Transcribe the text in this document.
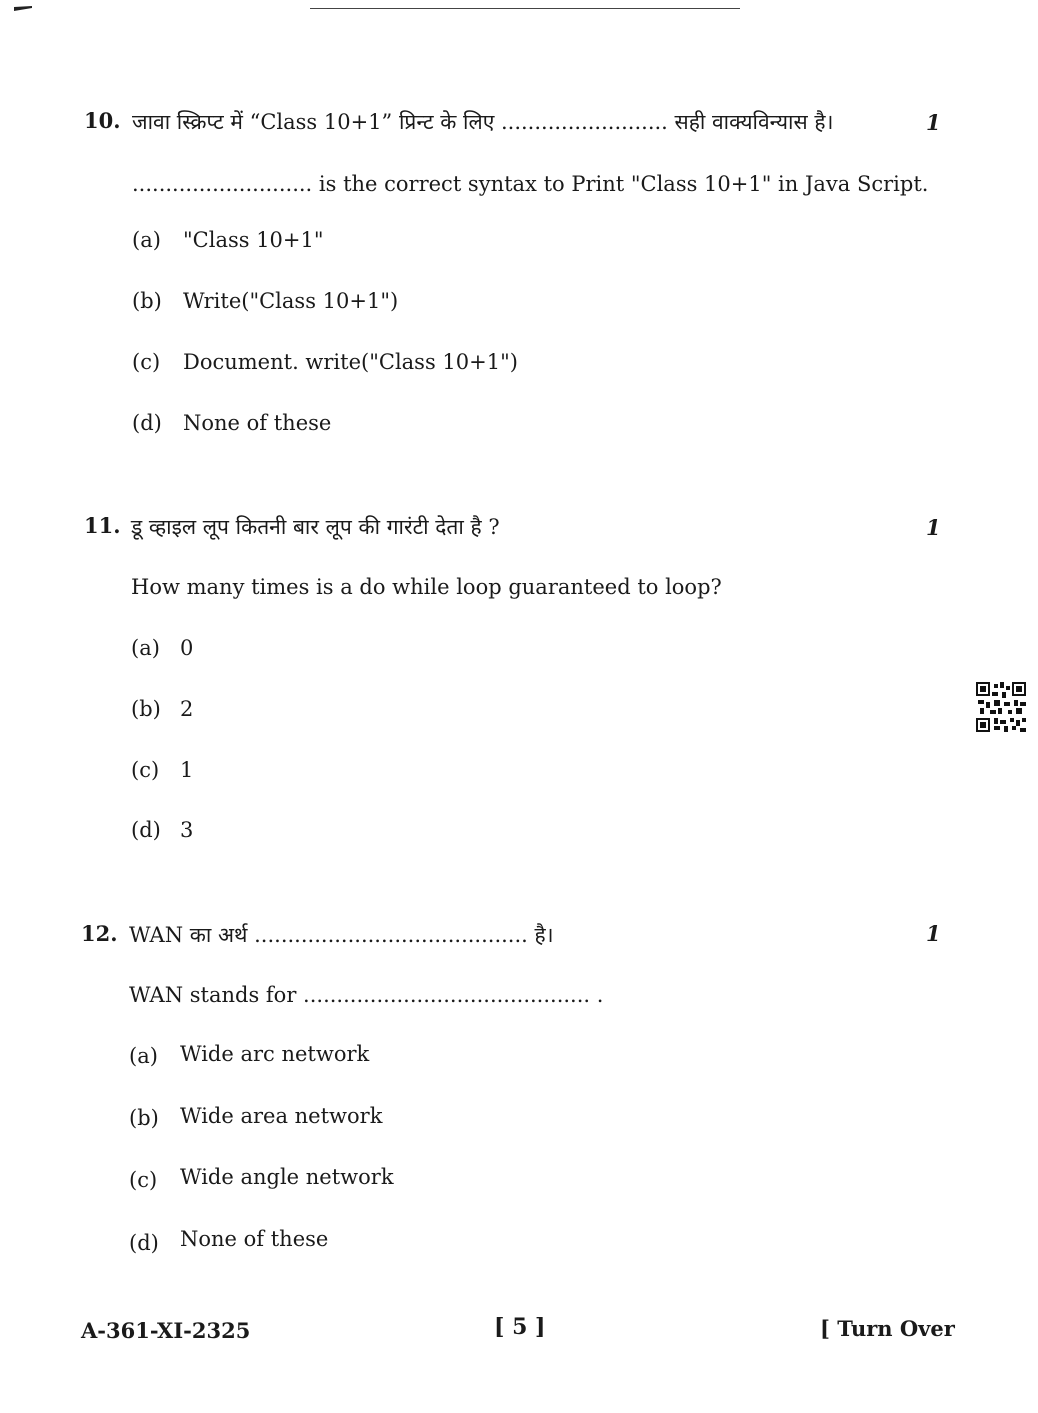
10. जावा स्क्रिप्ट में “Class 10+1” प्रिन्ट के लिए ......................... सही वाक्यविन्यास है।	1
........................... is the correct syntax to Print "Class 10+1" in Java Script.
(a) "Class 10+1"
(b) Write("Class 10+1")
(c) Document. write("Class 10+1")
(d) None of these
11. डू व्हाइल लूप कितनी बार लूप की गारंटी देता है ?	1
How many times is a do while loop guaranteed to loop?
(a) 0
(b) 2
(c) 1
(d) 3
12. WAN का अर्थ ......................................... है।	1
WAN stands for ........................................... .
(a) Wide arc network
(b) Wide area network
(c) Wide angle network
(d) None of these
A-361-XI-2325	[ 5 ]	[ Turn Over
